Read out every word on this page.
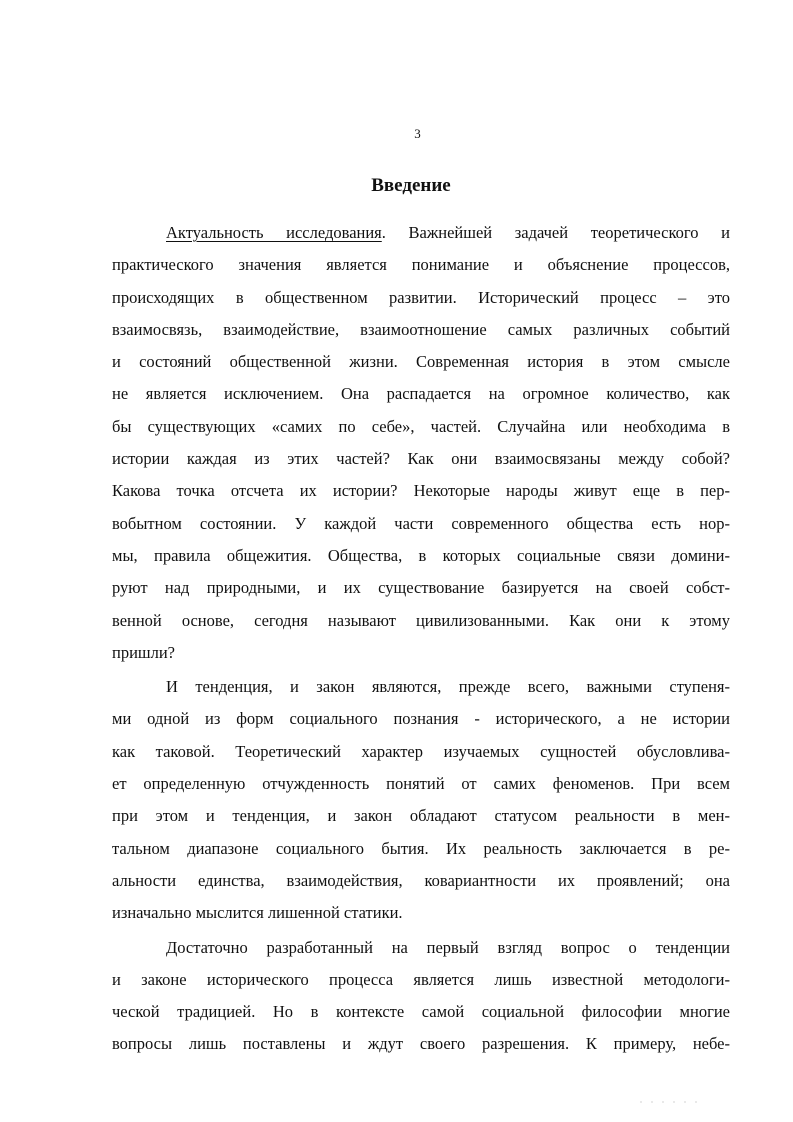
3
Введение
Актуальность исследования. Важнейшей задачей теоретического и
практического значения является понимание и объяснение процессов,
происходящих в общественном развитии. Исторический процесс – это
взаимосвязь, взаимодействие, взаимоотношение самых различных событий
и состояний общественной жизни. Современная история в этом смысле
не является исключением. Она распадается на огромное количество, как
бы существующих «самих по себе», частей. Случайна или необходима в
истории каждая из этих частей? Как они взаимосвязаны между собой?
Какова точка отсчета их истории? Некоторые народы живут еще в пер-
вобытном состоянии. У каждой части современного общества есть нор-
мы, правила общежития. Общества, в которых социальные связи домини-
руют над природными, и их существование базируется на своей собст-
венной основе, сегодня называют цивилизованными. Как они к этому
пришли?
И тенденция, и закон являются, прежде всего, важными ступеня-
ми одной из форм социального познания - исторического, а не истории
как таковой. Теоретический характер изучаемых сущностей обусловлива-
ет определенную отчужденность понятий от самих феноменов. При всем
при этом и тенденция, и закон обладают статусом реальности в мен-
тальном диапазоне социального бытия. Их реальность заключается в ре-
альности единства, взаимодействия, ковариантности их проявлений; она
изначально мыслится лишенной статики.
Достаточно разработанный на первый взгляд вопрос о тенденции
и законе исторического процесса является лишь известной методологи-
ческой традицией. Но в контексте самой социальной философии многие
вопросы лишь поставлены и ждут своего разрешения. К примеру, небе-
